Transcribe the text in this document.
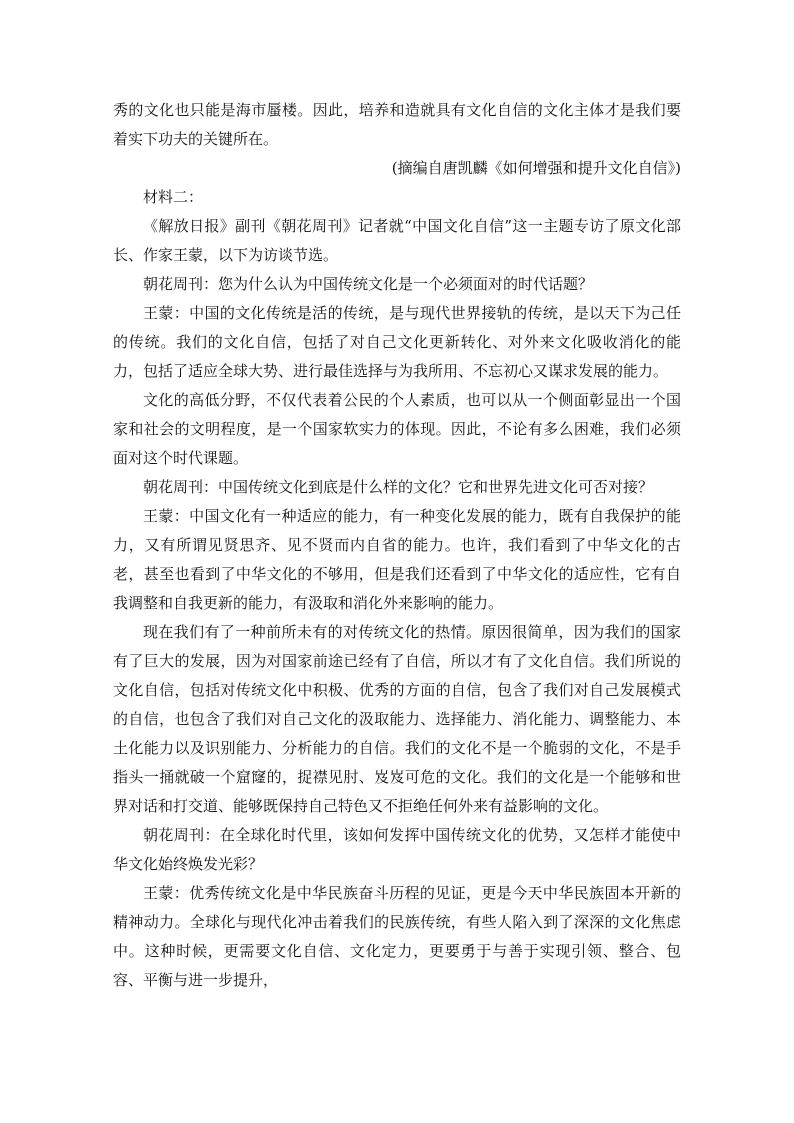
秀的文化也只能是海市蜃楼。因此，培养和造就具有文化自信的文化主体才是我们要着实下功夫的关键所在。

(摘编自唐凯麟《如何增强和提升文化自信》)

材料二：

《解放日报》副刊《朝花周刊》记者就“中国文化自信”这一主题专访了原文化部长、作家王蒙，以下为访谈节选。

朝花周刊：您为什么认为中国传统文化是一个必须面对的时代话题？

王蒙：中国的文化传统是活的传统，是与现代世界接轨的传统，是以天下为己任的传统。我们的文化自信，包括了对自己文化更新转化、对外来文化吸收消化的能力，包括了适应全球大势、进行最佳选择与为我所用、不忘初心又谋求发展的能力。

文化的高低分野，不仅代表着公民的个人素质，也可以从一个侧面彰显出一个国家和社会的文明程度，是一个国家软实力的体现。因此，不论有多么困难，我们必须面对这个时代课题。

朝花周刊：中国传统文化到底是什么样的文化？它和世界先进文化可否对接？

王蒙：中国文化有一种适应的能力，有一种变化发展的能力，既有自我保护的能力，又有所谓见贤思齐、见不贤而内自省的能力。也许，我们看到了中华文化的古老，甚至也看到了中华文化的不够用，但是我们还看到了中华文化的适应性，它有自我调整和自我更新的能力，有汲取和消化外来影响的能力。

现在我们有了一种前所未有的对传统文化的热情。原因很简单，因为我们的国家有了巨大的发展，因为对国家前途已经有了自信，所以才有了文化自信。我们所说的文化自信，包括对传统文化中积极、优秀的方面的自信，包含了我们对自己发展模式的自信，也包含了我们对自己文化的汲取能力、选择能力、消化能力、调整能力、本土化能力以及识别能力、分析能力的自信。我们的文化不是一个脆弱的文化，不是手指头一捅就破一个窟窿的，捉襟见肘、岌岌可危的文化。我们的文化是一个能够和世界对话和打交道、能够既保持自己特色又不拒绝任何外来有益影响的文化。

朝花周刊：在全球化时代里，该如何发挥中国传统文化的优势，又怎样才能使中华文化始终焕发光彩？

王蒙：优秀传统文化是中华民族奋斗历程的见证，更是今天中华民族固本开新的精神动力。全球化与现代化冲击着我们的民族传统，有些人陷入到了深深的文化焦虑中。这种时候，更需要文化自信、文化定力，更要勇于与善于实现引领、整合、包容、平衡与进一步提升，
